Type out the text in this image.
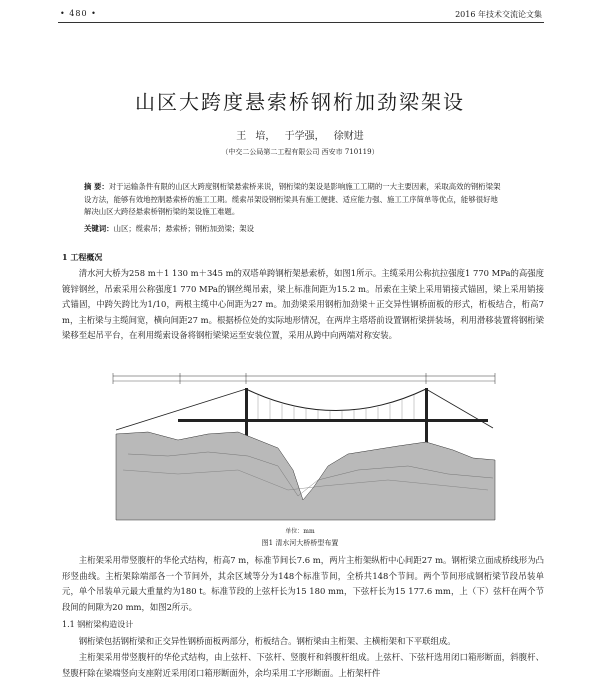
• 480 •	2016 年技术交流论文集
山区大跨度悬索桥钢桁加劲梁架设
王 培， 于学强， 徐财进
（中交二公局第二工程有限公司 西安市 710119）
摘 要：对于运输条件有限的山区大跨度钢桁梁悬索桥来说，钢桁梁的架设是影响施工工期的一大主要因素，采取高效的钢桁梁架设方法，能够有效地控制悬索桥的施工工期。缆索吊架设钢桁梁具有施工便捷、适应能力强、施工工序简单等优点，能够很好地解决山区大跨径悬索桥钢桁梁的架设施工难题。
关键词：山区；缆索吊；悬索桥；钢桁加劲梁；架设
1 工程概况
清水河大桥为258 m＋1 130 m＋345 m的双塔单跨钢桁架悬索桥，如图1所示。主缆采用公称抗拉强度1 770 MPa的高强度镀锌钢丝，吊索采用公称强度1 770 MPa的钢丝绳吊索，梁上标准间距为15.2 m。吊索在主梁上采用销接式锚固，梁上采用销接式锚固，中跨矢跨比为1/10，两根主缆中心间距为27 m。加劲梁采用钢桁加劲梁＋正交异性钢桥面板的形式，桁板结合，桁高7 m，主桁梁与主缆间宽，横向间距27 m。根据桥位处的实际地形情况，在两岸主塔塔前设置钢桁梁拼装场，利用滑移装置将钢桁梁梁移至起吊平台，在利用缆索设备将钢桁梁梁运至安装位置，采用从跨中向两端对称安装。
单位：mm
图1 清水河大桥桥型布置
主桁架采用带竖腹杆的华伦式结构，桁高7 m，标准节间长7.6 m，两片主桁架纵桁中心间距27 m。钢桁梁立面成桥线形为凸形竖曲线。主桁架除端部各一个节间外，其余区域等分为148个标准节间，全桥共148个节间。两个节间形成钢桁梁节段吊装单元，单个吊装单元最大重量约为180 t。标准节段的上弦杆长为15 180 mm，下弦杆长为15 177.6 mm，上（下）弦杆在两个节段间的间隙为20 mm，如图2所示。
1.1 钢桁梁构造设计
钢桁梁包括钢桁梁和正交异性钢桥面板两部分，桁板结合。钢桁梁由主桁架、主横桁架和下平联组成。
主桁架采用带竖腹杆的华伦式结构，由上弦杆、下弦杆、竖腹杆和斜腹杆组成。上弦杆、下弦杆选用闭口箱形断面，斜腹杆、竖腹杆除在梁端竖向支座附近采用闭口箱形断面外，余均采用工字形断面。上桁架杆件
